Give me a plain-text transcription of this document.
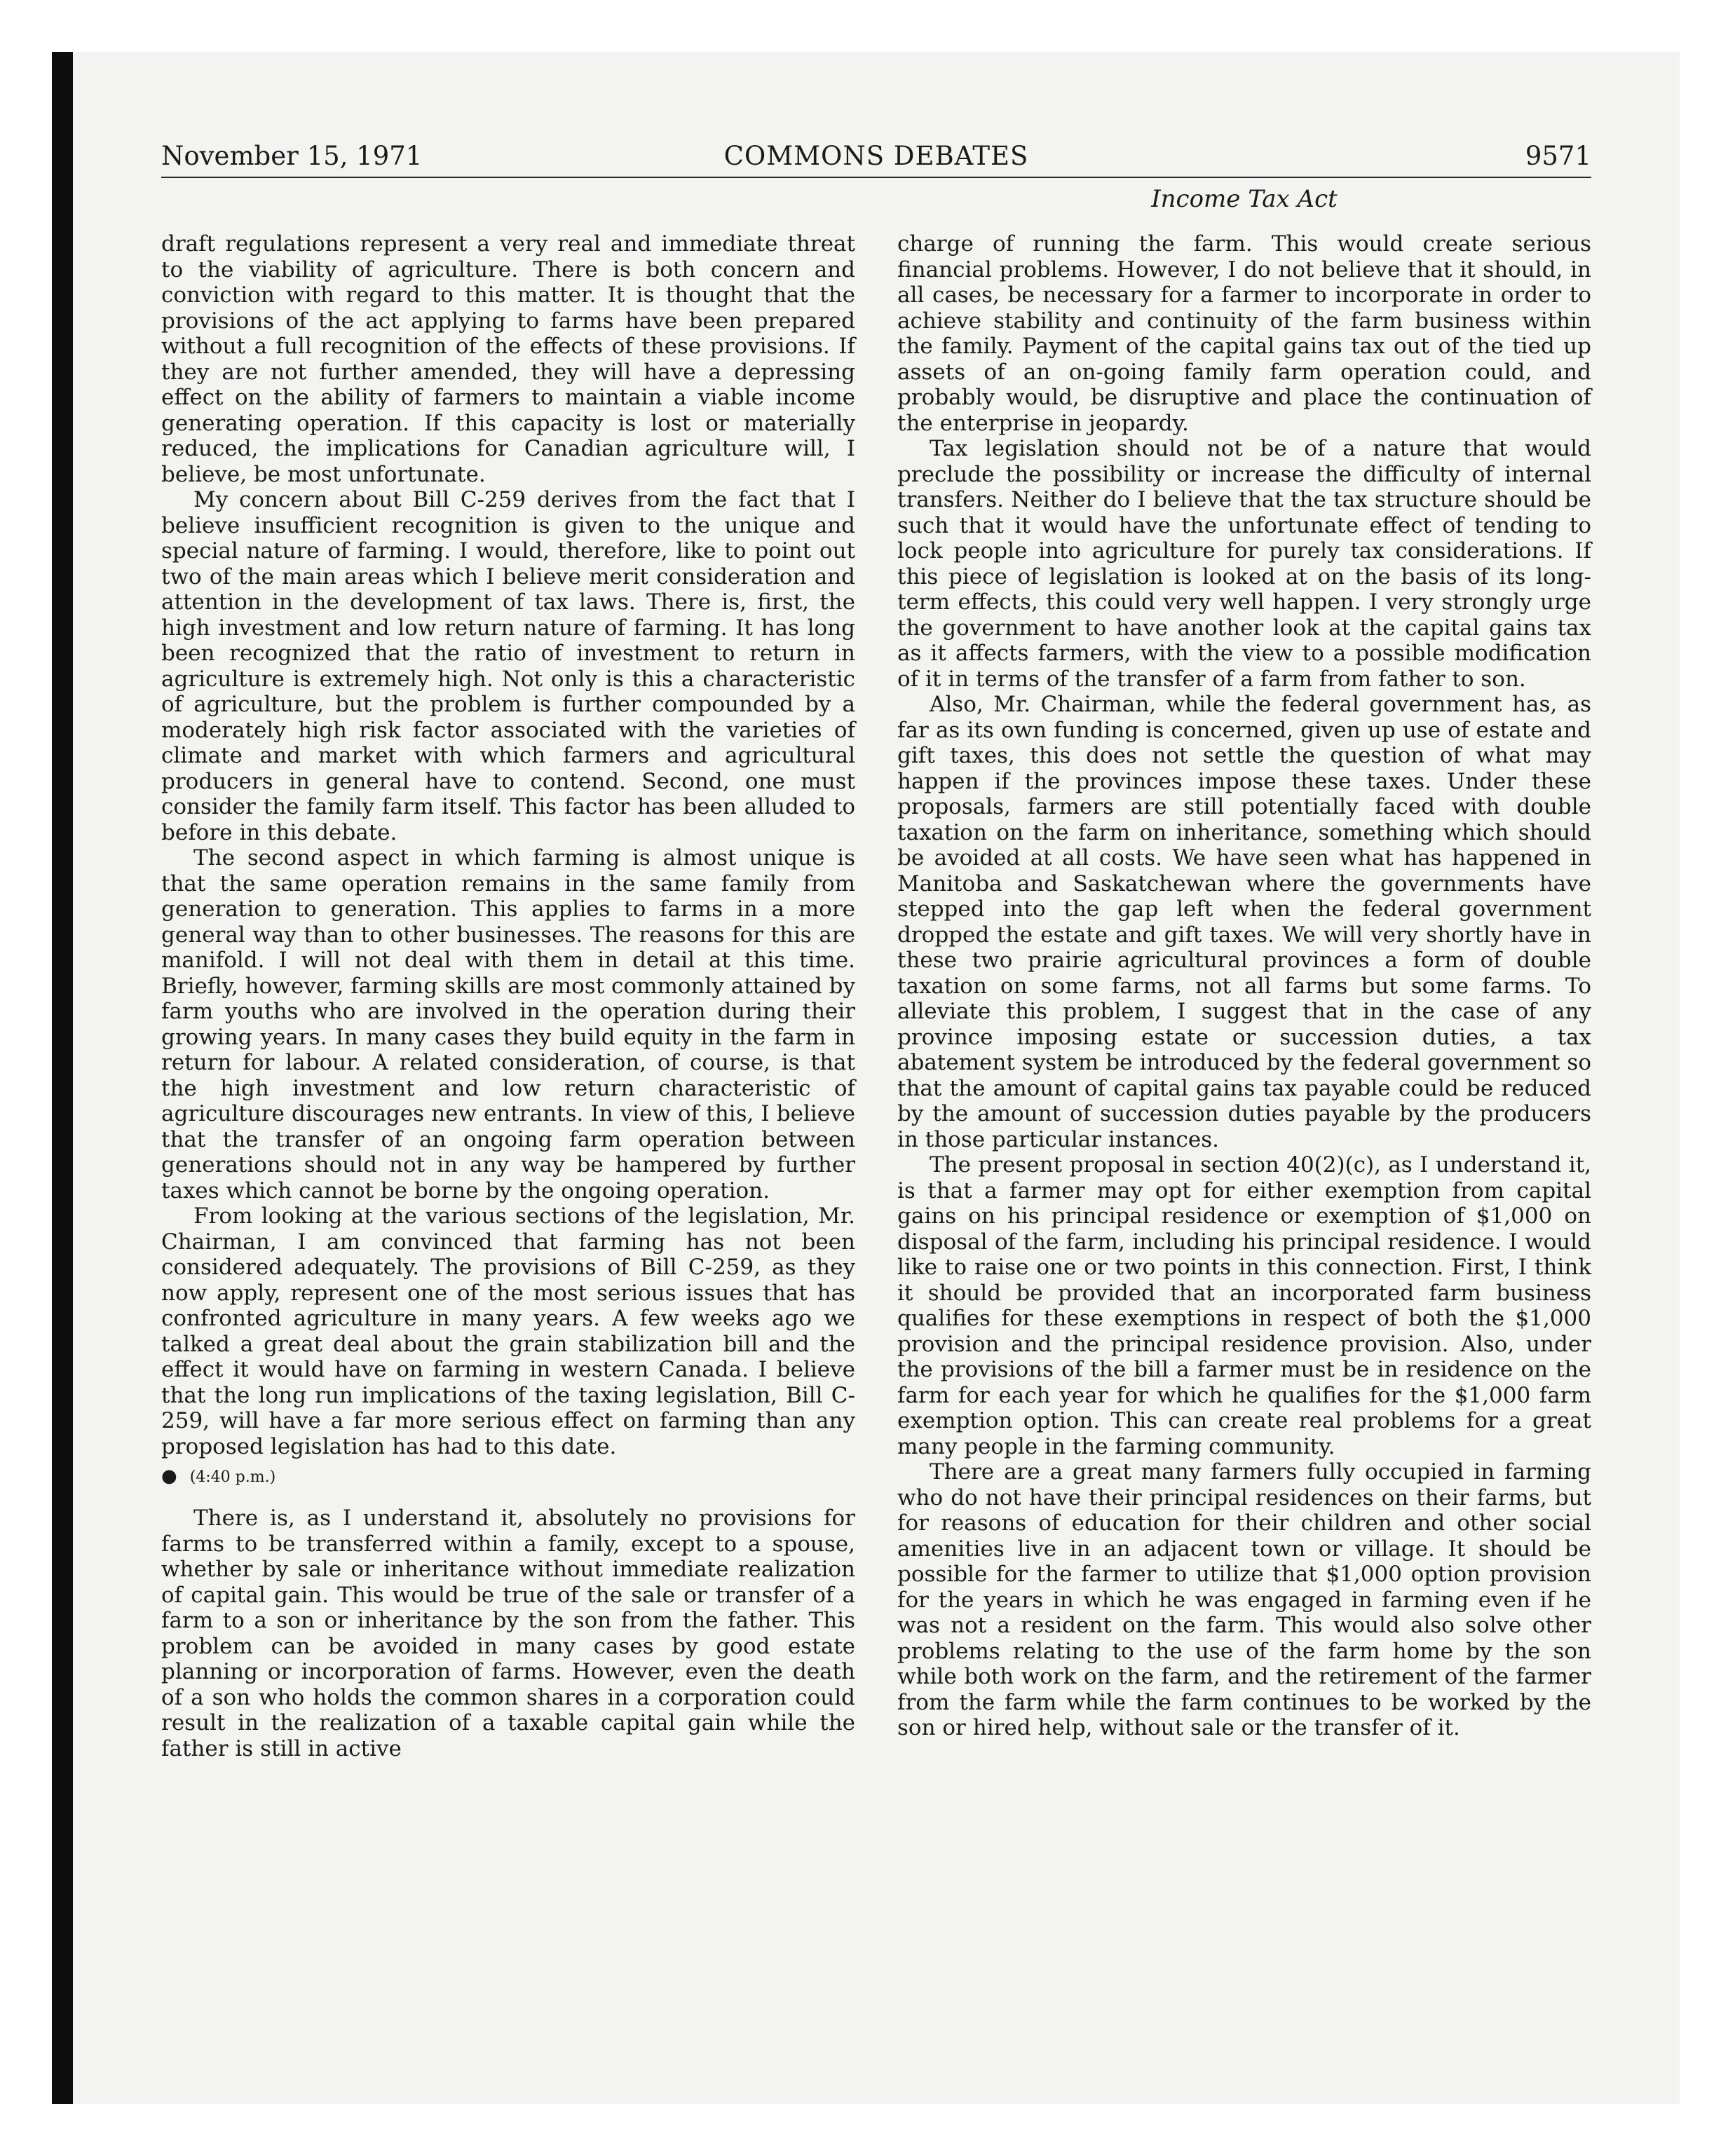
November 15, 1971	COMMONS DEBATES	9571
Income Tax Act

draft regulations represent a very real and immediate threat to the viability of agriculture. There is both concern and conviction with regard to this matter. It is thought that the provisions of the act applying to farms have been prepared without a full recognition of the effects of these provisions. If they are not further amended, they will have a depressing effect on the ability of farmers to maintain a viable income generating operation. If this capacity is lost or materially reduced, the implications for Canadian agriculture will, I believe, be most unfortunate.

My concern about Bill C-259 derives from the fact that I believe insufficient recognition is given to the unique and special nature of farming. I would, therefore, like to point out two of the main areas which I believe merit consideration and attention in the development of tax laws. There is, first, the high investment and low return nature of farming. It has long been recognized that the ratio of investment to return in agriculture is extremely high. Not only is this a characteristic of agriculture, but the problem is further compounded by a moderately high risk factor associated with the varieties of climate and market with which farmers and agricultural producers in general have to contend. Second, one must consider the family farm itself. This factor has been alluded to before in this debate.

The second aspect in which farming is almost unique is that the same operation remains in the same family from generation to generation. This applies to farms in a more general way than to other businesses. The reasons for this are manifold. I will not deal with them in detail at this time. Briefly, however, farming skills are most commonly attained by farm youths who are involved in the operation during their growing years. In many cases they build equity in the farm in return for labour. A related consideration, of course, is that the high investment and low return characteristic of agriculture discourages new entrants. In view of this, I believe that the transfer of an ongoing farm operation between generations should not in any way be hampered by further taxes which cannot be borne by the ongoing operation.

From looking at the various sections of the legislation, Mr. Chairman, I am convinced that farming has not been considered adequately. The provisions of Bill C-259, as they now apply, represent one of the most serious issues that has confronted agriculture in many years. A few weeks ago we talked a great deal about the grain stabilization bill and the effect it would have on farming in western Canada. I believe that the long run implications of the taxing legislation, Bill C-259, will have a far more serious effect on farming than any proposed legislation has had to this date.

● (4:40 p.m.)

There is, as I understand it, absolutely no provisions for farms to be transferred within a family, except to a spouse, whether by sale or inheritance without immediate realization of capital gain. This would be true of the sale or transfer of a farm to a son or inheritance by the son from the father. This problem can be avoided in many cases by good estate planning or incorporation of farms. However, even the death of a son who holds the common shares in a corporation could result in the realization of a taxable capital gain while the father is still in active

charge of running the farm. This would create serious financial problems. However, I do not believe that it should, in all cases, be necessary for a farmer to incorporate in order to achieve stability and continuity of the farm business within the family. Payment of the capital gains tax out of the tied up assets of an on-going family farm operation could, and probably would, be disruptive and place the continuation of the enterprise in jeopardy.

Tax legislation should not be of a nature that would preclude the possibility or increase the difficulty of internal transfers. Neither do I believe that the tax structure should be such that it would have the unfortunate effect of tending to lock people into agriculture for purely tax considerations. If this piece of legislation is looked at on the basis of its long-term effects, this could very well happen. I very strongly urge the government to have another look at the capital gains tax as it affects farmers, with the view to a possible modification of it in terms of the transfer of a farm from father to son.

Also, Mr. Chairman, while the federal government has, as far as its own funding is concerned, given up use of estate and gift taxes, this does not settle the question of what may happen if the provinces impose these taxes. Under these proposals, farmers are still potentially faced with double taxation on the farm on inheritance, something which should be avoided at all costs. We have seen what has happened in Manitoba and Saskatchewan where the governments have stepped into the gap left when the federal government dropped the estate and gift taxes. We will very shortly have in these two prairie agricultural provinces a form of double taxation on some farms, not all farms but some farms. To alleviate this problem, I suggest that in the case of any province imposing estate or succession duties, a tax abatement system be introduced by the federal government so that the amount of capital gains tax payable could be reduced by the amount of succession duties payable by the producers in those particular instances.

The present proposal in section 40(2)(c), as I understand it, is that a farmer may opt for either exemption from capital gains on his principal residence or exemption of $1,000 on disposal of the farm, including his principal residence. I would like to raise one or two points in this connection. First, I think it should be provided that an incorporated farm business qualifies for these exemptions in respect of both the $1,000 provision and the principal residence provision. Also, under the provisions of the bill a farmer must be in residence on the farm for each year for which he qualifies for the $1,000 farm exemption option. This can create real problems for a great many people in the farming community.

There are a great many farmers fully occupied in farming who do not have their principal residences on their farms, but for reasons of education for their children and other social amenities live in an adjacent town or village. It should be possible for the farmer to utilize that $1,000 option provision for the years in which he was engaged in farming even if he was not a resident on the farm. This would also solve other problems relating to the use of the farm home by the son while both work on the farm, and the retirement of the farmer from the farm while the farm continues to be worked by the son or hired help, without sale or the transfer of it.
